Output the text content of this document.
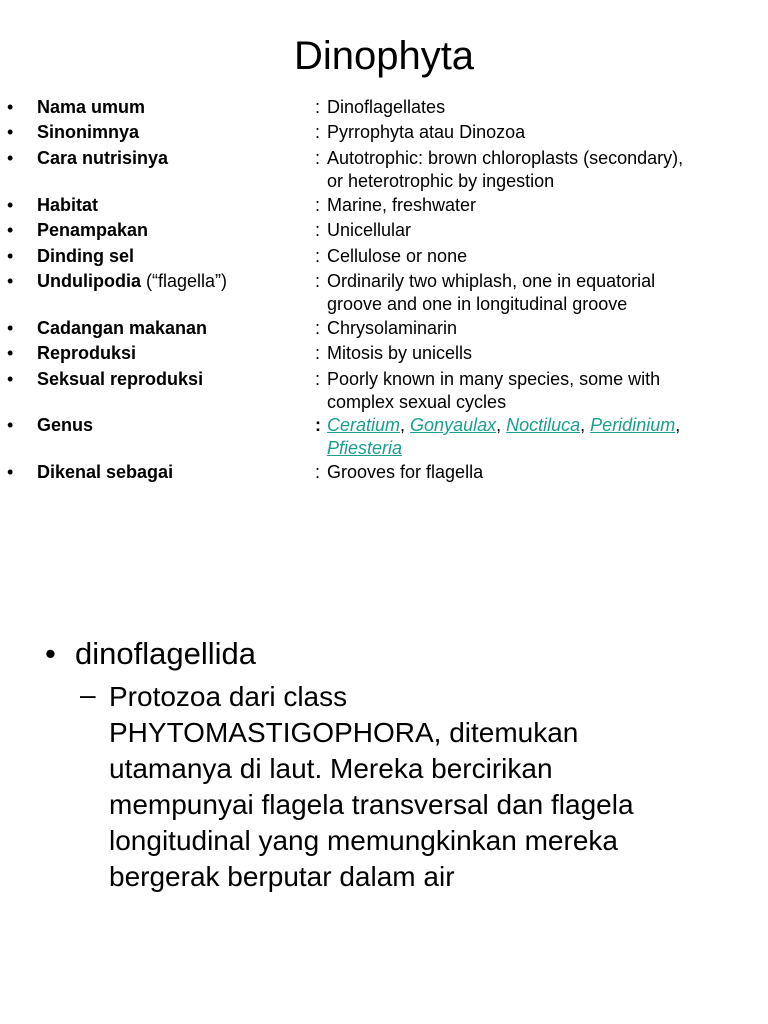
Dinophyta
• Nama umum	: Dinoflagellates
• Sinonimnya	: Pyrrophyta atau Dinozoa
• Cara nutrisinya	: Autotrophic: brown chloroplasts (secondary),
or heterotrophic by ingestion
• Habitat	: Marine, freshwater
• Penampakan	: Unicellular
• Dinding sel	: Cellulose or none
• Undulipodia (“flagella”)	: Ordinarily two whiplash, one in equatorial
groove and one in longitudinal groove
• Cadangan makanan	: Chrysolaminarin
• Reproduksi	: Mitosis by unicells
• Seksual reproduksi	: Poorly known in many species, some with
complex sexual cycles
• Genus	: Ceratium, Gonyaulax, Noctiluca, Peridinium,
Pfiesteria
• Dikenal sebagai	: Grooves for flagella
• dinoflagellida
– Protozoa dari class
PHYTOMASTIGOPHORA, ditemukan
utamanya di laut. Mereka bercirikan
mempunyai flagela transversal dan flagela
longitudinal yang memungkinkan mereka
bergerak berputar dalam air
